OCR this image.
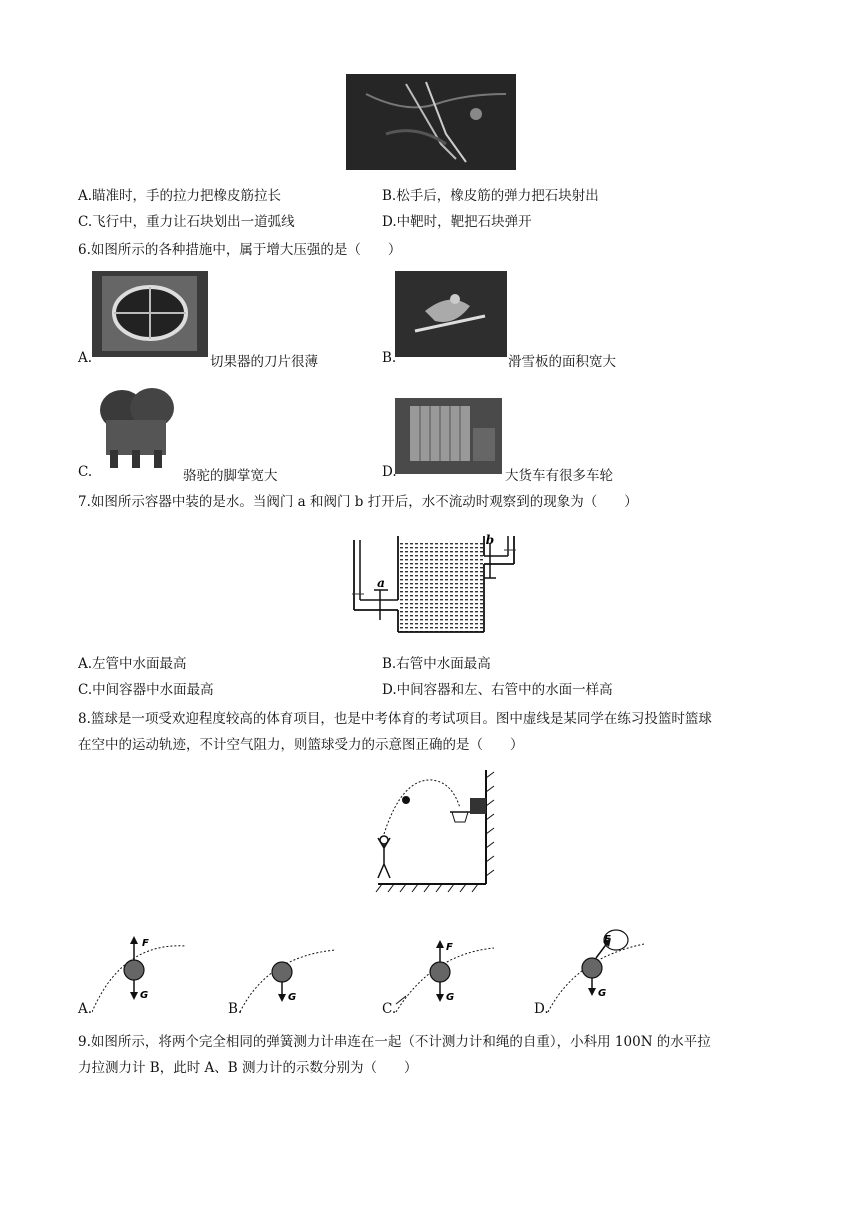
A.瞄准时，手的拉力把橡皮筋拉长	B.松手后，橡皮筋的弹力把石块射出
C.飞行中，重力让石块划出一道弧线	D.中靶时，靶把石块弹开
6.如图所示的各种措施中，属于增大压强的是（　　）
A.	切果器的刀片很薄	B.	滑雪板的面积宽大
C.	骆驼的脚掌宽大	D.	大货车有很多车轮
7.如图所示容器中装的是水。当阀门 a 和阀门 b 打开后，水不流动时观察到的现象为（　　）
a
b
A.左管中水面最高	B.右管中水面最高
C.中间容器中水面最高	D.中间容器和左、右管中的水面一样高
8.篮球是一项受欢迎程度较高的体育项目，也是中考体育的考试项目。图中虚线是某同学在练习投篮时篮球
在空中的运动轨迹，不计空气阻力，则篮球受力的示意图正确的是（　　）
A.
F
G
B.
G
C.
F
G
D.
F
G
9.如图所示，将两个完全相同的弹簧测力计串连在一起（不计测力计和绳的自重），小科用 100N 的水平拉
力拉测力计 B，此时 A、B 测力计的示数分别为（　　）
